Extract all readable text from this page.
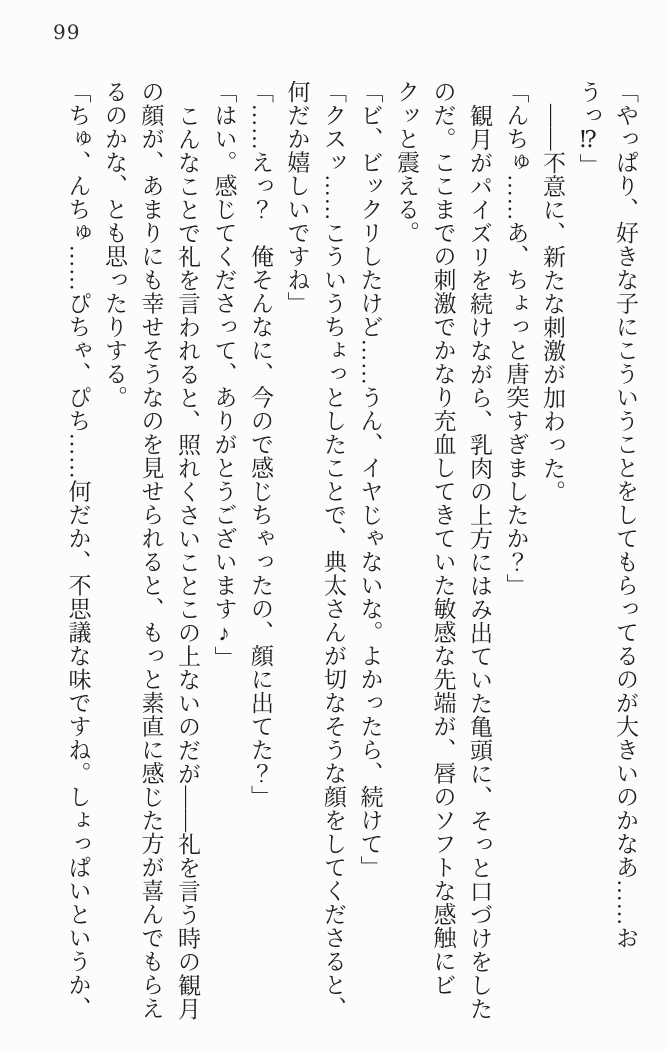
99

「やっぱり、好きな子にこういうことをしてもらってるのが大きいのかなあ……お

うっ⁉」

——不意に、新たな刺激が加わった。

「んちゅ……あ、ちょっと唐突すぎましたか？」

観月がパイズリを続けながら、乳肉の上方にはみ出ていた亀頭に、そっと口づけをした

のだ。ここまでの刺激でかなり充血してきていた敏感な先端が、唇のソフトな感触にビ

クッと震える。

「ビ、ビックリしたけど……うん、イヤじゃないな。よかったら、続けて」

「クスッ……こういうちょっとしたことで、典太さんが切なそうな顔をしてくださると、

何だか嬉しいですね」

「……えっ？　俺そんなに、今ので感じちゃったの、顔に出てた？」

「はい。感じてくださって、ありがとうございます♪」

こんなことで礼を言われると、照れくさいことこの上ないのだが——礼を言う時の観月

の顔が、あまりにも幸せそうなのを見せられると、もっと素直に感じた方が喜んでもらえ

るのかな、とも思ったりする。

「ちゅ、んちゅ……ぴちゃ、ぴち……何だか、不思議な味ですね。しょっぱいというか、
